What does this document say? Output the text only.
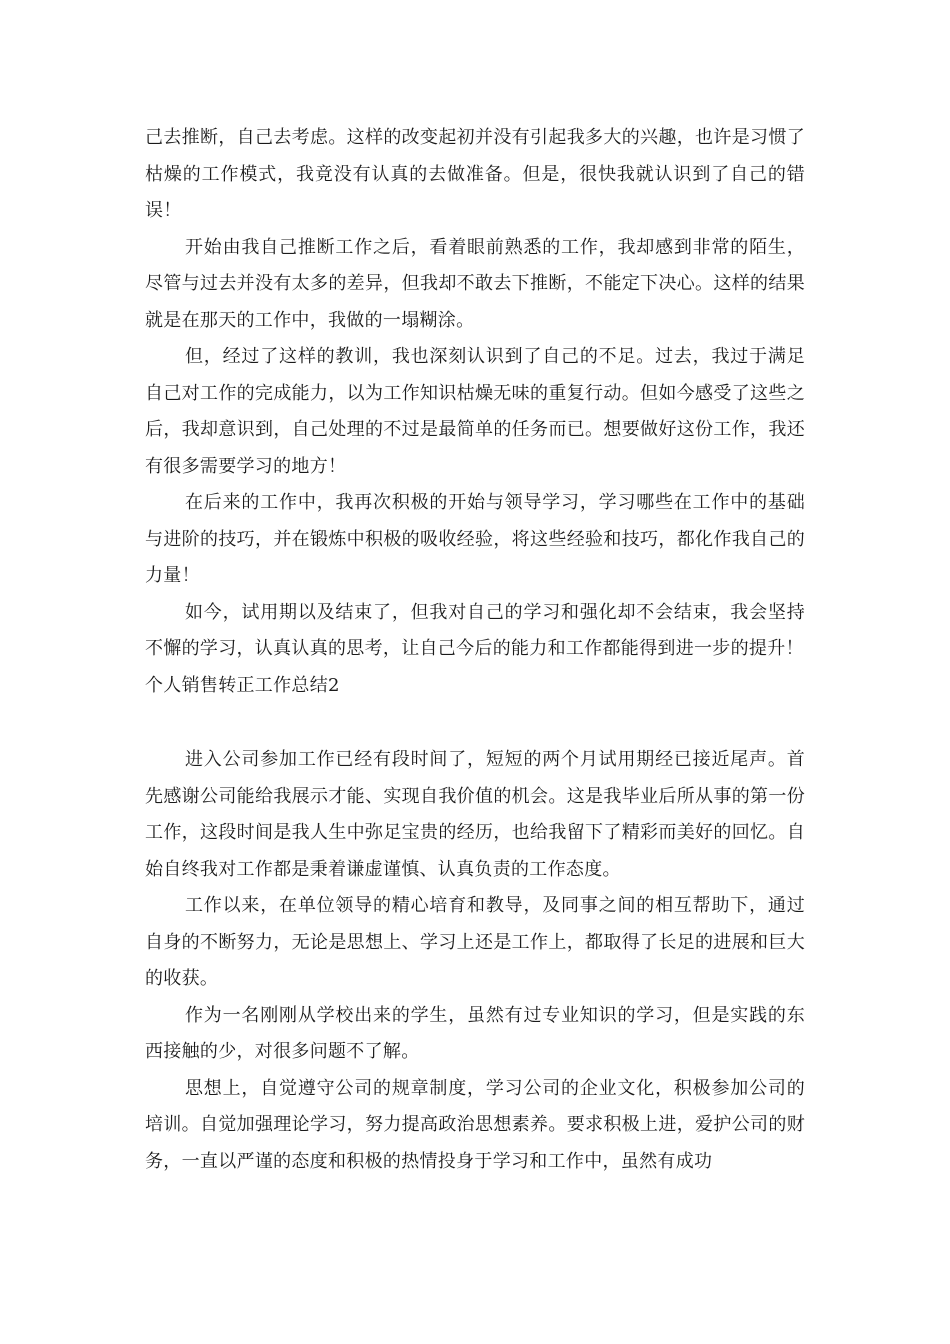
己去推断，自己去考虑。这样的改变起初并没有引起我多大的兴趣，也许是习惯了枯燥的工作模式，我竟没有认真的去做准备。但是，很快我就认识到了自己的错误！

开始由我自己推断工作之后，看着眼前熟悉的工作，我却感到非常的陌生，尽管与过去并没有太多的差异，但我却不敢去下推断，不能定下决心。这样的结果就是在那天的工作中，我做的一塌糊涂。

但，经过了这样的教训，我也深刻认识到了自己的不足。过去，我过于满足自己对工作的完成能力，以为工作知识枯燥无味的重复行动。但如今感受了这些之后，我却意识到，自己处理的不过是最简单的任务而已。想要做好这份工作，我还有很多需要学习的地方！

在后来的工作中，我再次积极的开始与领导学习，学习哪些在工作中的基础与进阶的技巧，并在锻炼中积极的吸收经验，将这些经验和技巧，都化作我自己的力量！

如今，试用期以及结束了，但我对自己的学习和强化却不会结束，我会坚持不懈的学习，认真认真的思考，让自己今后的能力和工作都能得到进一步的提升！

个人销售转正工作总结2

进入公司参加工作已经有段时间了，短短的两个月试用期经已接近尾声。首先感谢公司能给我展示才能、实现自我价值的机会。这是我毕业后所从事的第一份工作，这段时间是我人生中弥足宝贵的经历，也给我留下了精彩而美好的回忆。自始自终我对工作都是秉着谦虚谨慎、认真负责的工作态度。

工作以来，在单位领导的精心培育和教导，及同事之间的相互帮助下，通过自身的不断努力，无论是思想上、学习上还是工作上，都取得了长足的进展和巨大的收获。

作为一名刚刚从学校出来的学生，虽然有过专业知识的学习，但是实践的东西接触的少，对很多问题不了解。

思想上，自觉遵守公司的规章制度，学习公司的企业文化，积极参加公司的培训。自觉加强理论学习，努力提高政治思想素养。要求积极上进，爱护公司的财务，一直以严谨的态度和积极的热情投身于学习和工作中，虽然有成功
